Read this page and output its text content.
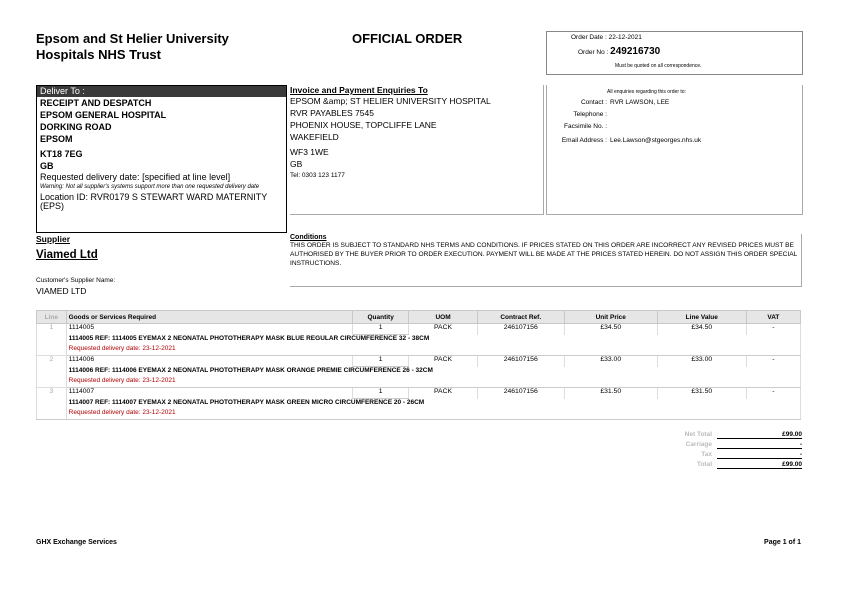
Epsom and St Helier University
Hospitals NHS Trust
OFFICIAL ORDER	Order Date : 22-12-2021
Order No : 249216730
Must be quoted on all correspondence.
Deliver To :
RECEIPT AND DESPATCH
EPSOM GENERAL HOSPITAL
DORKING ROAD
EPSOM
KT18 7EG
GB
Requested delivery date: [specified at line level]
Warning: Not all supplier's systems support more than one requested delivery date
Location ID: RVR0179 S STEWART WARD MATERNITY (EPS)
Invoice and Payment Enquiries To
EPSOM &amp; ST HELIER UNIVERSITY HOSPITAL
RVR PAYABLES 7545
PHOENIX HOUSE, TOPCLIFFE LANE
WAKEFIELD
WF3 1WE
GB
Tel: 0303 123 1177
All enquiries regarding this order to:
Contact : RVR LAWSON, LEE
Telephone :
Facsimile No. :
Email Address : Lee.Lawson@stgeorges.nhs.uk
Supplier
Viamed Ltd
Customer's Supplier Name:
VIAMED LTD
Conditions
THIS ORDER IS SUBJECT TO STANDARD NHS TERMS AND CONDITIONS. IF PRICES STATED ON THIS ORDER ARE INCORRECT ANY REVISED PRICES MUST BE AUTHORISED BY THE BUYER PRIOR TO ORDER EXECUTION. PAYMENT WILL BE MADE AT THE PRICES STATED HEREIN. DO NOT ASSIGN THIS ORDER SPECIAL INSTRUCTIONS.
Line	Goods or Services Required	Quantity	UOM	Contract Ref.	Unit Price	Line Value	VAT
1	1114005	1	PACK	246107156	£34.50	£34.50	-
	1114005 REF: 1114005 EYEMAX 2 NEONATAL PHOTOTHERAPY MASK BLUE REGULAR CIRCUMFERENCE 32 - 38CM						
	Requested delivery date: 23-12-2021						
2	1114006	1	PACK	246107156	£33.00	£33.00	-
	1114006 REF: 1114006 EYEMAX 2 NEONATAL PHOTOTHERAPY MASK ORANGE PREMIE CIRCUMFERENCE 26 - 32CM						
	Requested delivery date: 23-12-2021						
3	1114007	1	PACK	246107156	£31.50	£31.50	-
	1114007 REF: 1114007 EYEMAX 2 NEONATAL PHOTOTHERAPY MASK GREEN MICRO CIRCUMFERENCE 20 - 26CM						
	Requested delivery date: 23-12-2021						
Net Total	£99.00
Carriage	-
Tax	-
Total	£99.00
GHX Exchange Services	Page 1 of 1
